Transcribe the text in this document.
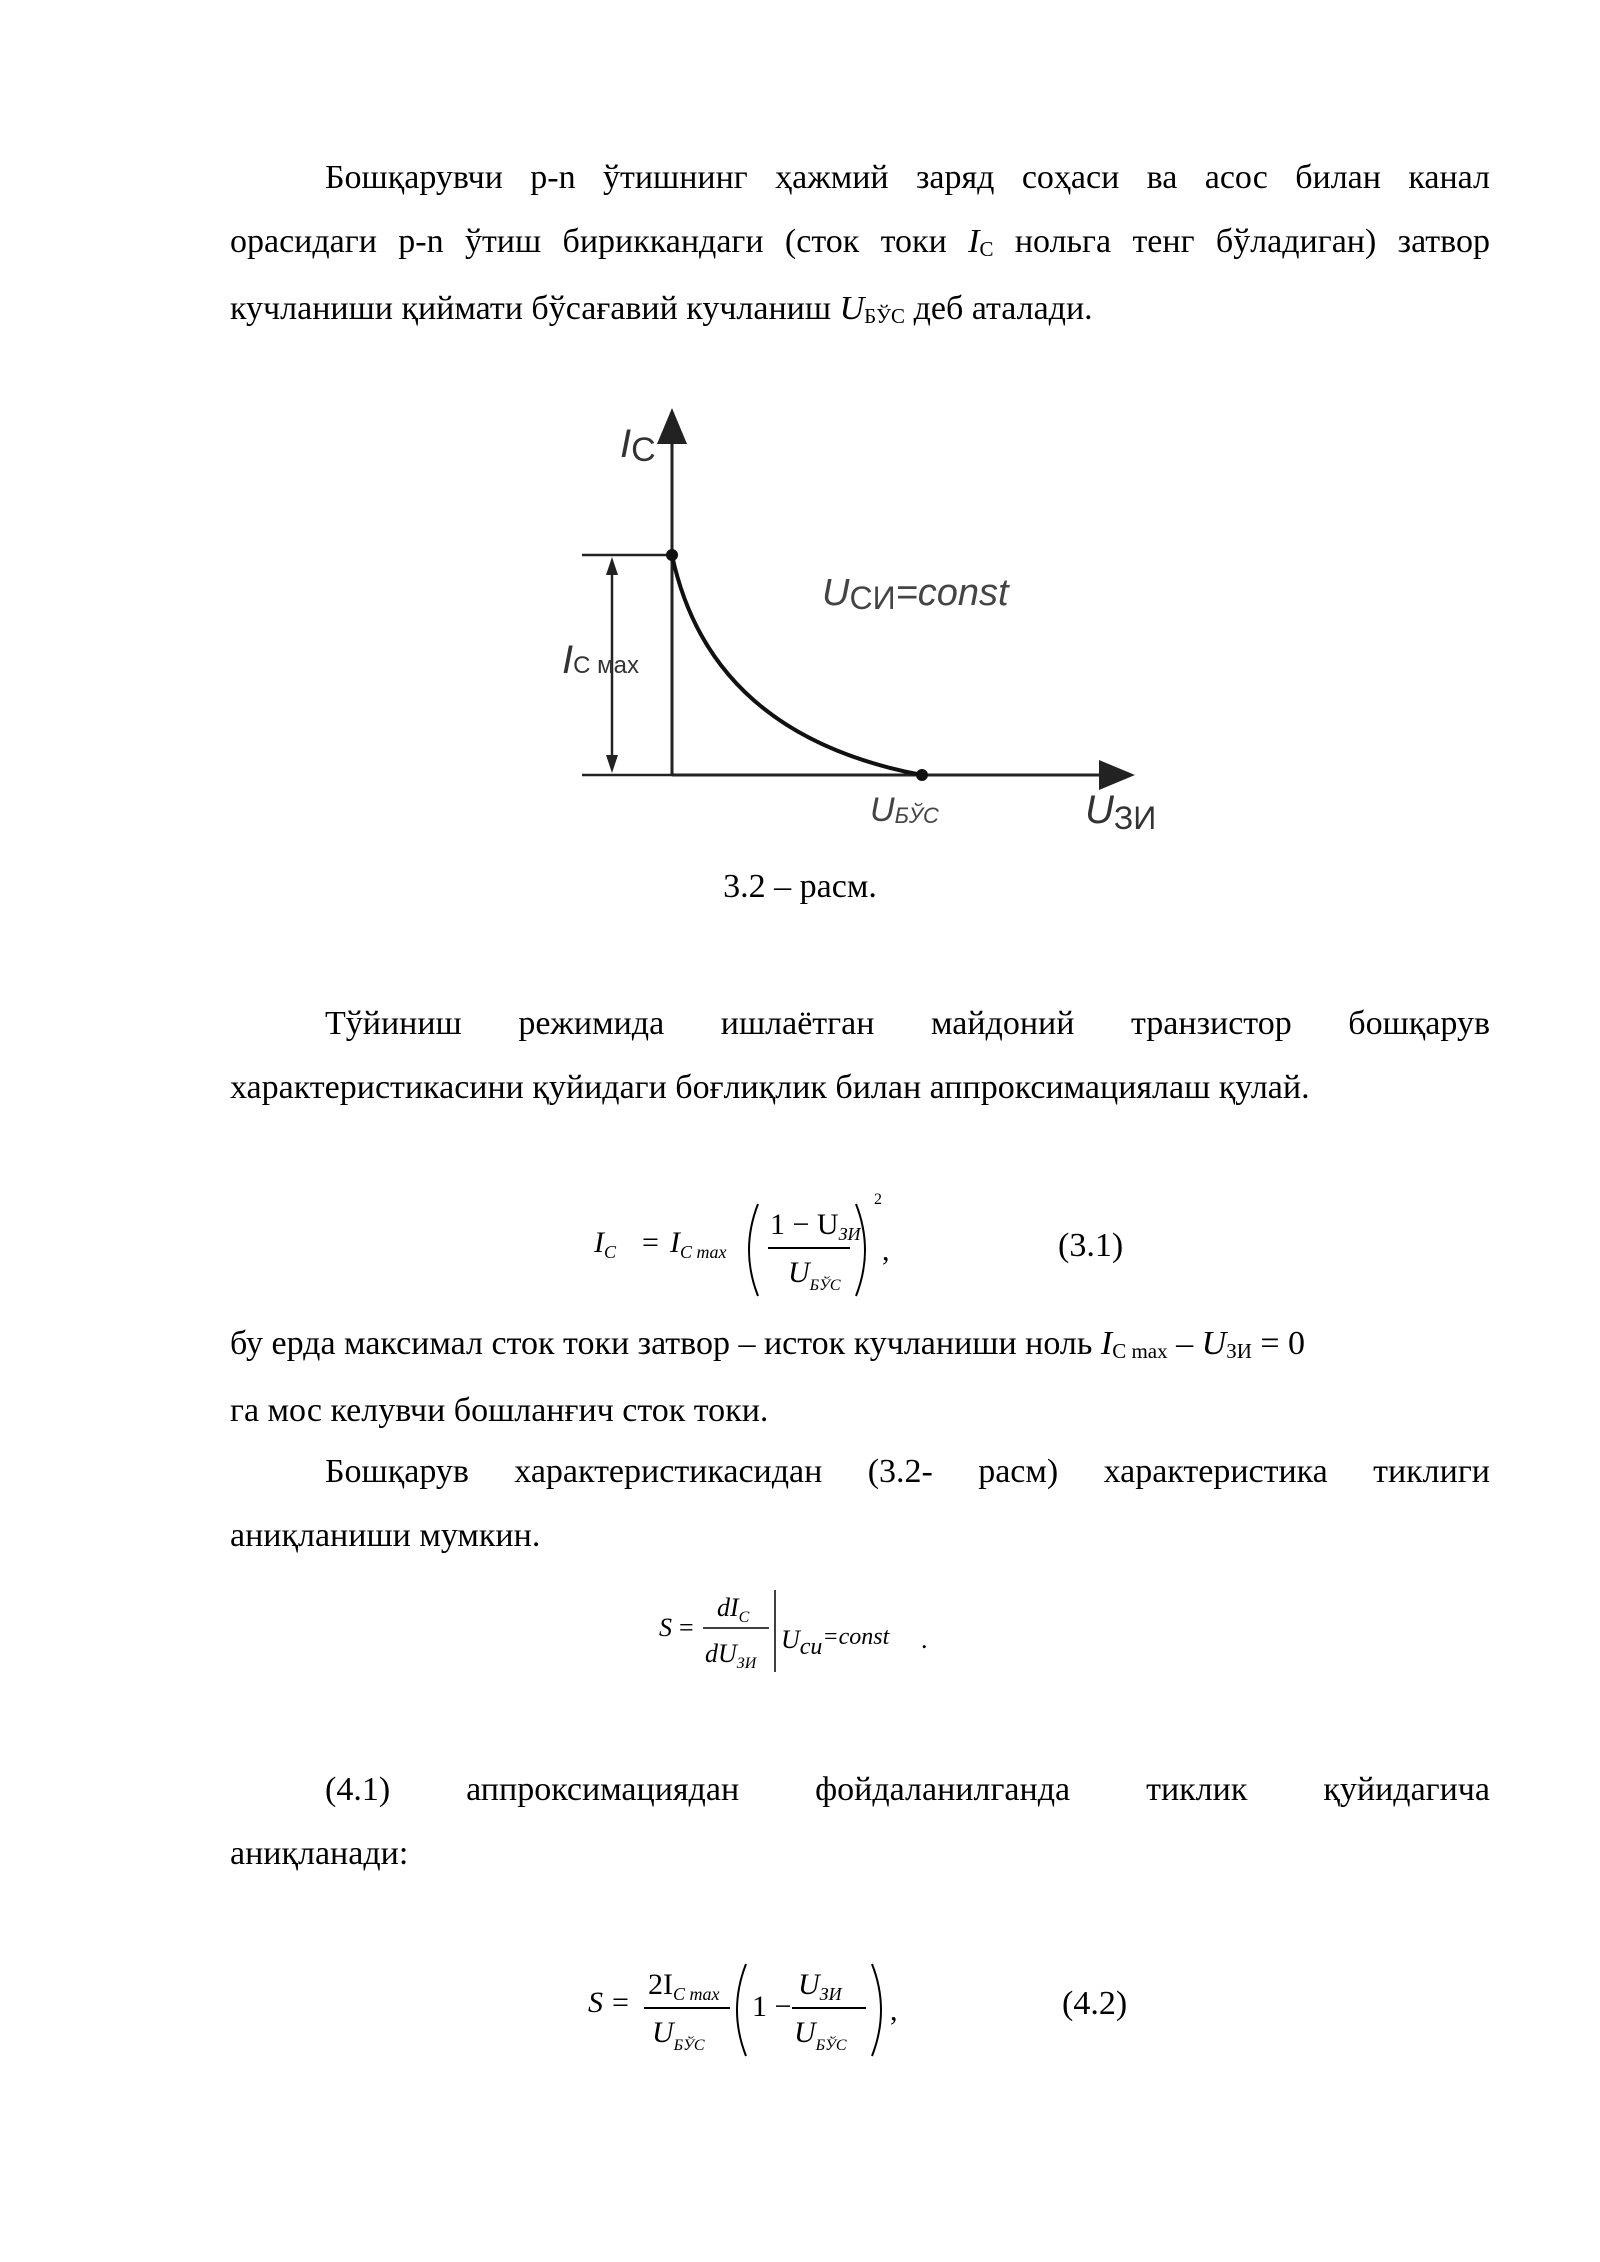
Бошқарувчи p-n ўтишнинг ҳажмий заряд соҳаси ва асос билан канал
орасидаги p-n ўтиш бириккандаги (сток токи IС нольга тенг бўладиган) затвор
кучланиши қиймати бўсағавий кучланиш UБЎС деб аталади.
IС
IС мах
UСИ=const
UБЎС	UЗИ
3.2 – расм.
Тўйиниш режимида ишлаётган майдоний транзистор бошқарув
характеристикасини қуйидаги боғлиқлик билан аппроксимациялаш қулай.
$I_C = I_{C max}$
$1 - U_{ЗИ}$
$U_{БЎС}$
2
,	(3.1)
бу ерда максимал сток токи затвор – исток кучланиши ноль IС max – UЗИ = 0
га мос келувчи бошланғич сток токи.
Бошқарув характеристикасидан (3.2- расм) характеристика тиклиги
аниқланиши мумкин.
S =
$dI_C$
$dU_{ЗИ}$
Uси=const .
(4.1) аппроксимациядан фойдаланилганда тиклик қуйидагича
аниқланади:
S =
$2I_{C max}$
$U_{БЎС}$
1 −
$U_{ЗИ}$
$U_{БЎС}$
,	(4.2)
